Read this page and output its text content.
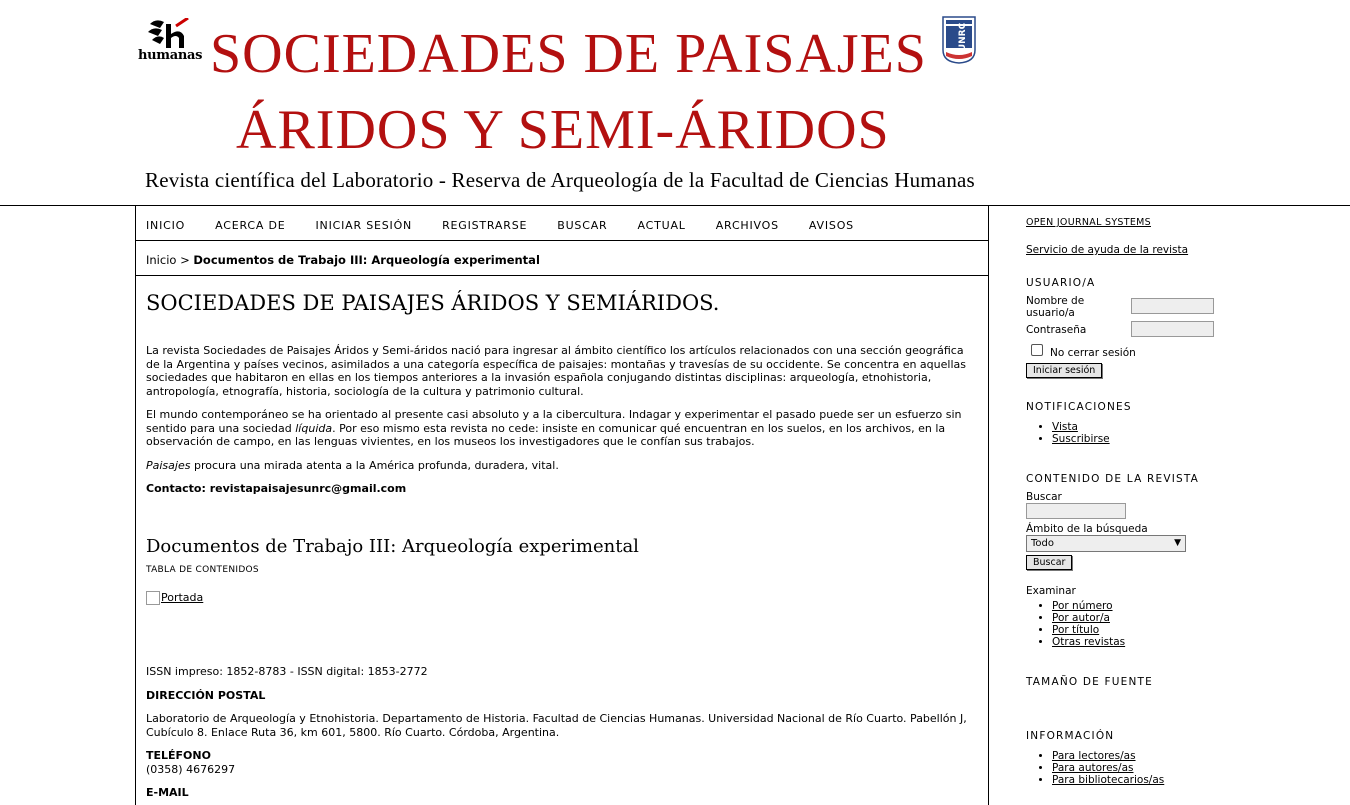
humanas SOCIEDADES DE PAISAJES
ÁRIDOS Y SEMI-ÁRIDOS
UNRC
Revista científica del Laboratorio - Reserva de Arqueología de la Facultad de Ciencias Humanas
INICIO	ACERCA DE	INICIAR SESIÓN	REGISTRARSE	BUSCAR	ACTUAL	ARCHIVOS	AVISOS
Inicio > Documentos de Trabajo III: Arqueología experimental
SOCIEDADES DE PAISAJES ÁRIDOS Y SEMIÁRIDOS.

La revista Sociedades de Paisajes Áridos y Semi-áridos nació para ingresar al ámbito científico los artículos relacionados con una sección geográfica de la Argentina y países vecinos, asimilados a una categoría específica de paisajes: montañas y travesías de su occidente. Se concentra en aquellas sociedades que habitaron en ellas en los tiempos anteriores a la invasión española conjugando distintas disciplinas: arqueología, etnohistoria, antropología, etnografía, historia, sociología de la cultura y patrimonio cultural.

El mundo contemporáneo se ha orientado al presente casi absoluto y a la cibercultura. Indagar y experimentar el pasado puede ser un esfuerzo sin sentido para una sociedad líquida. Por eso mismo esta revista no cede: insiste en comunicar qué encuentran en los suelos, en los archivos, en la observación de campo, en las lenguas vivientes, en los museos los investigadores que le confían sus trabajos.

Paisajes procura una mirada atenta a la América profunda, duradera, vital.

Contacto: revistapaisajesunrc@gmail.com

Documentos de Trabajo III: Arqueología experimental
TABLA DE CONTENIDOS
Portada

ISSN impreso: 1852-8783 - ISSN digital: 1853-2772

DIRECCIÓN POSTAL

Laboratorio de Arqueología y Etnohistoria. Departamento de Historia. Facultad de Ciencias Humanas. Universidad Nacional de Río Cuarto. Pabellón J, Cubículo 8. Enlace Ruta 36, km 601, 5800. Río Cuarto. Córdoba, Argentina.

TELÉFONO

(0358) 4676297

E-MAIL

OPEN JOURNAL SYSTEMS
Servicio de ayuda de la revista
USUARIO/A
Nombre de usuario/a
Contraseña
No cerrar sesión
Iniciar sesión
NOTIFICACIONES
• Vista
• Suscribirse
CONTENIDO DE LA REVISTA
Buscar
Ámbito de la búsqueda
Todo	▼
Buscar
Examinar
• Por número
• Por autor/a
• Por título
• Otras revistas
TAMAÑO DE FUENTE
INFORMACIÓN
• Para lectores/as
• Para autores/as
• Para bibliotecarios/as
